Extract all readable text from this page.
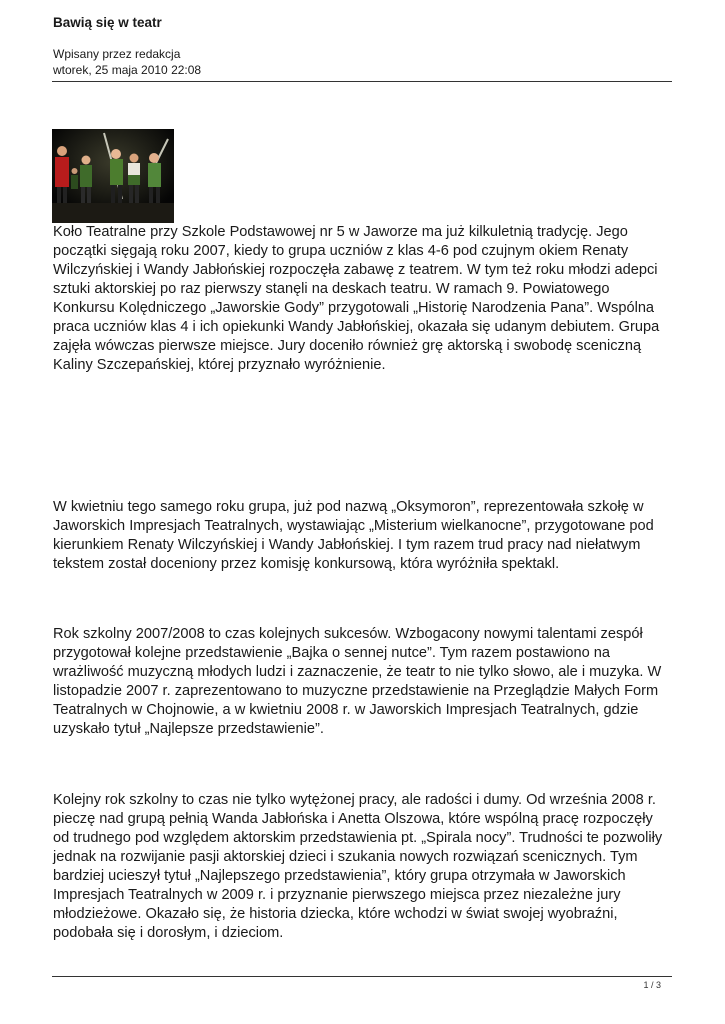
Bawią się w teatr
Wpisany przez redakcja
wtorek, 25 maja 2010 22:08

Koło Teatralne przy Szkole Podstawowej nr 5 w Jaworze ma już kilkuletnią tradycję. Jego początki sięgają roku 2007, kiedy to grupa uczniów z klas 4-6 pod czujnym okiem Renaty Wilczyńskiej i Wandy Jabłońskiej rozpoczęła zabawę z teatrem. W tym też roku młodzi adepci sztuki aktorskiej po raz pierwszy stanęli na deskach teatru. W ramach 9. Powiatowego Konkursu Kolędniczego „Jaworskie Gody” przygotowali „Historię Narodzenia Pana”. Wspólna praca uczniów klas 4 i ich opiekunki Wandy Jabłońskiej, okazała się udanym debiutem. Grupa zajęła wówczas pierwsze miejsce. Jury doceniło również grę aktorską i swobodę sceniczną Kaliny Szczepańskiej, której przyznało wyróżnienie.

W kwietniu tego samego roku grupa, już pod nazwą „Oksymoron”, reprezentowała szkołę w Jaworskich Impresjach Teatralnych, wystawiając „Misterium wielkanocne”, przygotowane pod kierunkiem Renaty Wilczyńskiej i Wandy Jabłońskiej. I tym razem trud pracy nad niełatwym tekstem został doceniony przez komisję konkursową, która wyróżniła spektakl.

Rok szkolny 2007/2008 to czas kolejnych sukcesów. Wzbogacony nowymi talentami zespół przygotował kolejne przedstawienie „Bajka o sennej nutce”. Tym razem postawiono na wrażliwość muzyczną młodych ludzi i zaznaczenie, że teatr to nie tylko słowo, ale i muzyka. W listopadzie 2007 r. zaprezentowano to muzyczne przedstawienie na Przeglądzie Małych Form Teatralnych w Chojnowie, a w kwietniu 2008 r. w Jaworskich Impresjach Teatralnych, gdzie uzyskało tytuł „Najlepsze przedstawienie”.

Kolejny rok szkolny to czas nie tylko wytężonej pracy, ale radości i dumy. Od września 2008 r. pieczę nad grupą pełnią Wanda Jabłońska i Anetta Olszowa, które wspólną pracę rozpoczęły od trudnego pod względem aktorskim przedstawienia pt. „Spirala nocy”. Trudności te pozwoliły jednak na rozwijanie pasji aktorskiej dzieci i szukania nowych rozwiązań scenicznych. Tym bardziej ucieszył tytuł „Najlepszego przedstawienia”, który grupa otrzymała w Jaworskich Impresjach Teatralnych w 2009 r. i przyznanie pierwszego miejsca przez niezależne jury młodzieżowe. Okazało się, że historia dziecka, które wchodzi w świat swojej wyobraźni, podobała się i dorosłym, i dzieciom.

1 / 3
